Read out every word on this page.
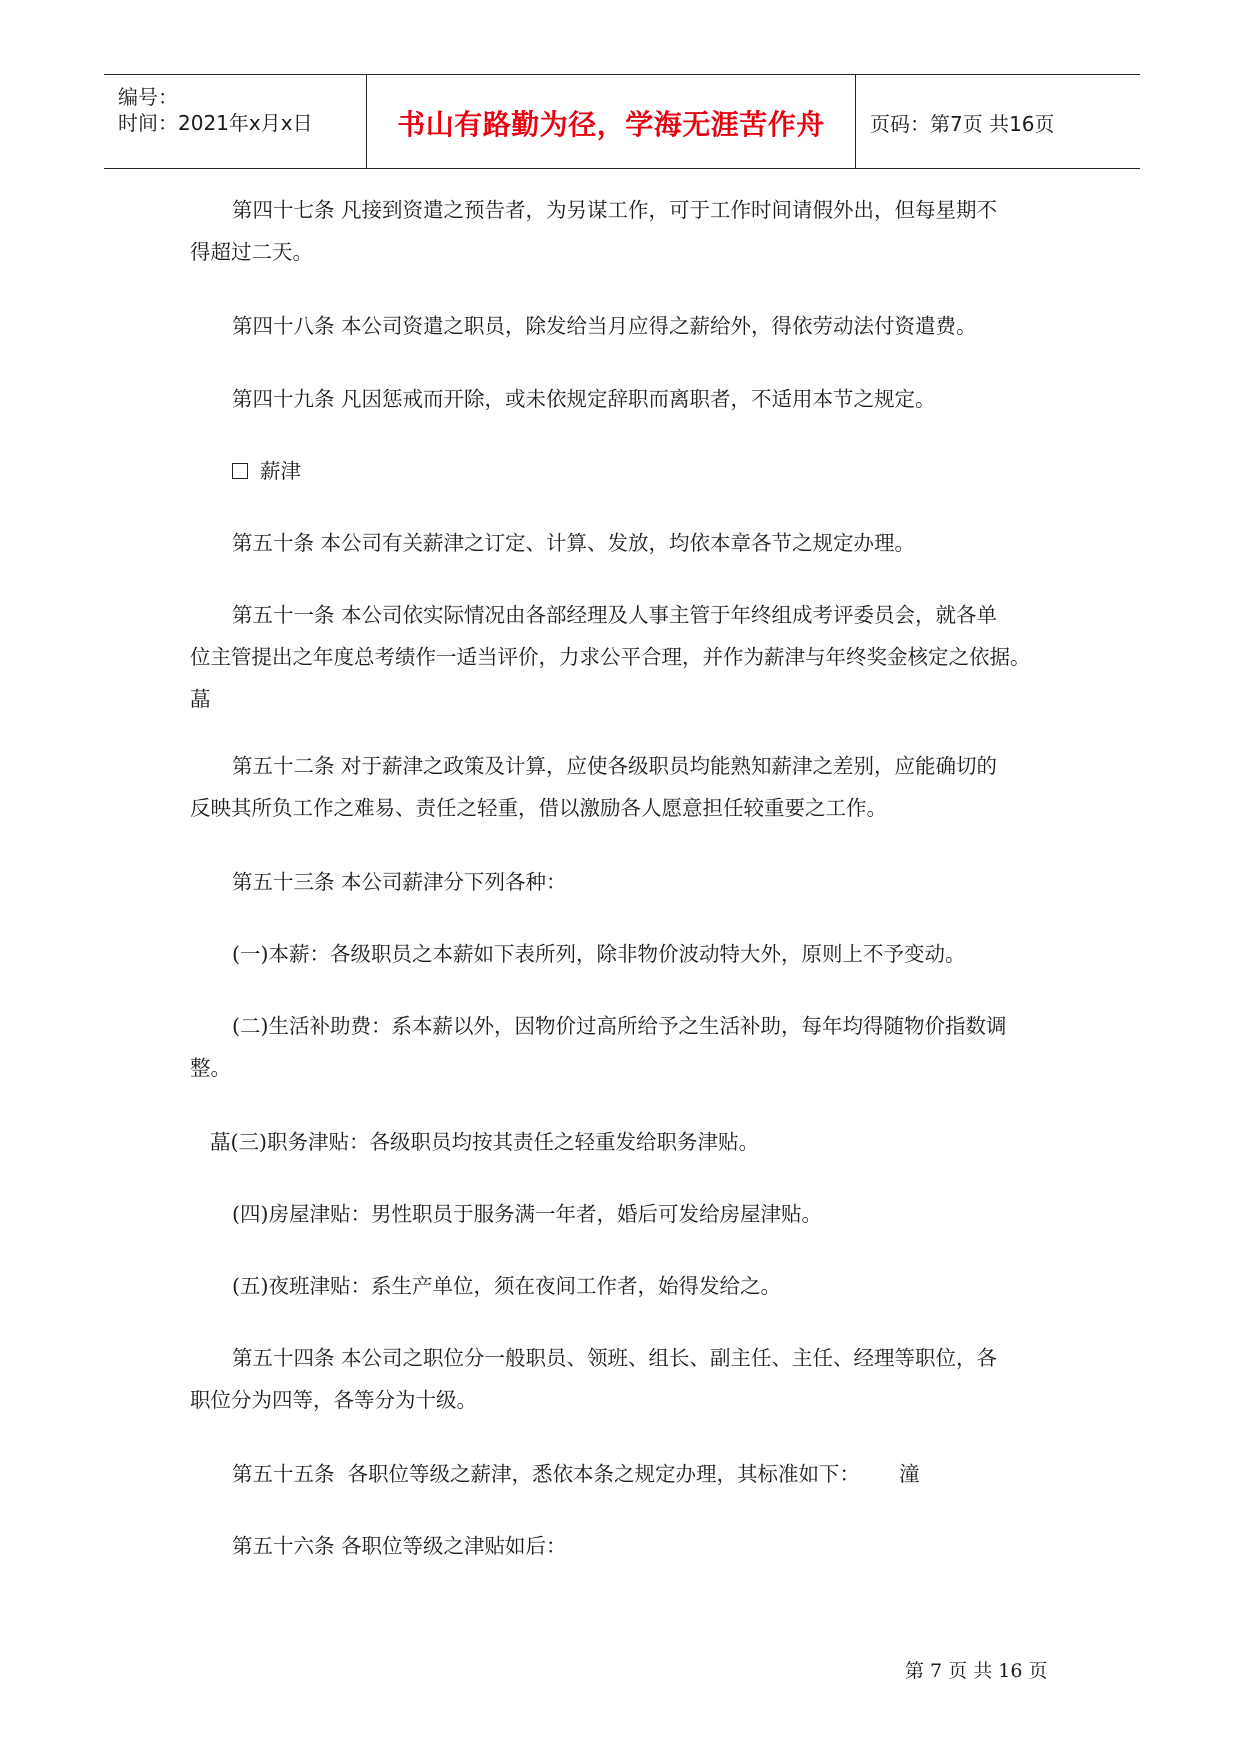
编号：
时间：2021年x月x日	书山有路勤为径，学海无涯苦作舟	页码：第7页 共16页
第四十七条 凡接到资遣之预告者，为另谋工作，可于工作时间请假外出，但每星期不
得超过二天。
第四十八条 本公司资遣之职员，除发给当月应得之薪给外，得依劳动法付资遣费。
第四十九条 凡因惩戒而开除，或未依规定辞职而离职者，不适用本节之规定。
薪津
第五十条 本公司有关薪津之订定、计算、发放，均依本章各节之规定办理。
第五十一条 本公司依实际情况由各部经理及人事主管于年终组成考评委员会，就各单
位主管提出之年度总考绩作一适当评价，力求公平合理，并作为薪津与年终奖金核定之依据。
蕌
第五十二条 对于薪津之政策及计算，应使各级职员均能熟知薪津之差别，应能确切的
反映其所负工作之难易、责任之轻重，借以激励各人愿意担任较重要之工作。
第五十三条 本公司薪津分下列各种：
(一)本薪：各级职员之本薪如下表所列，除非物价波动特大外，原则上不予变动。
(二)生活补助费：系本薪以外，因物价过高所给予之生活补助，每年均得随物价指数调
整。
蕌(三)职务津贴：各级职员均按其责任之轻重发给职务津贴。
(四)房屋津贴：男性职员于服务满一年者，婚后可发给房屋津贴。
(五)夜班津贴：系生产单位，须在夜间工作者，始得发给之。
第五十四条 本公司之职位分一般职员、领班、组长、副主任、主任、经理等职位，各
职位分为四等，各等分为十级。
第五十五条  各职位等级之薪津，悉依本条之规定办理，其标准如下：      潼
第五十六条 各职位等级之津贴如后：
第 7 页 共 16 页
